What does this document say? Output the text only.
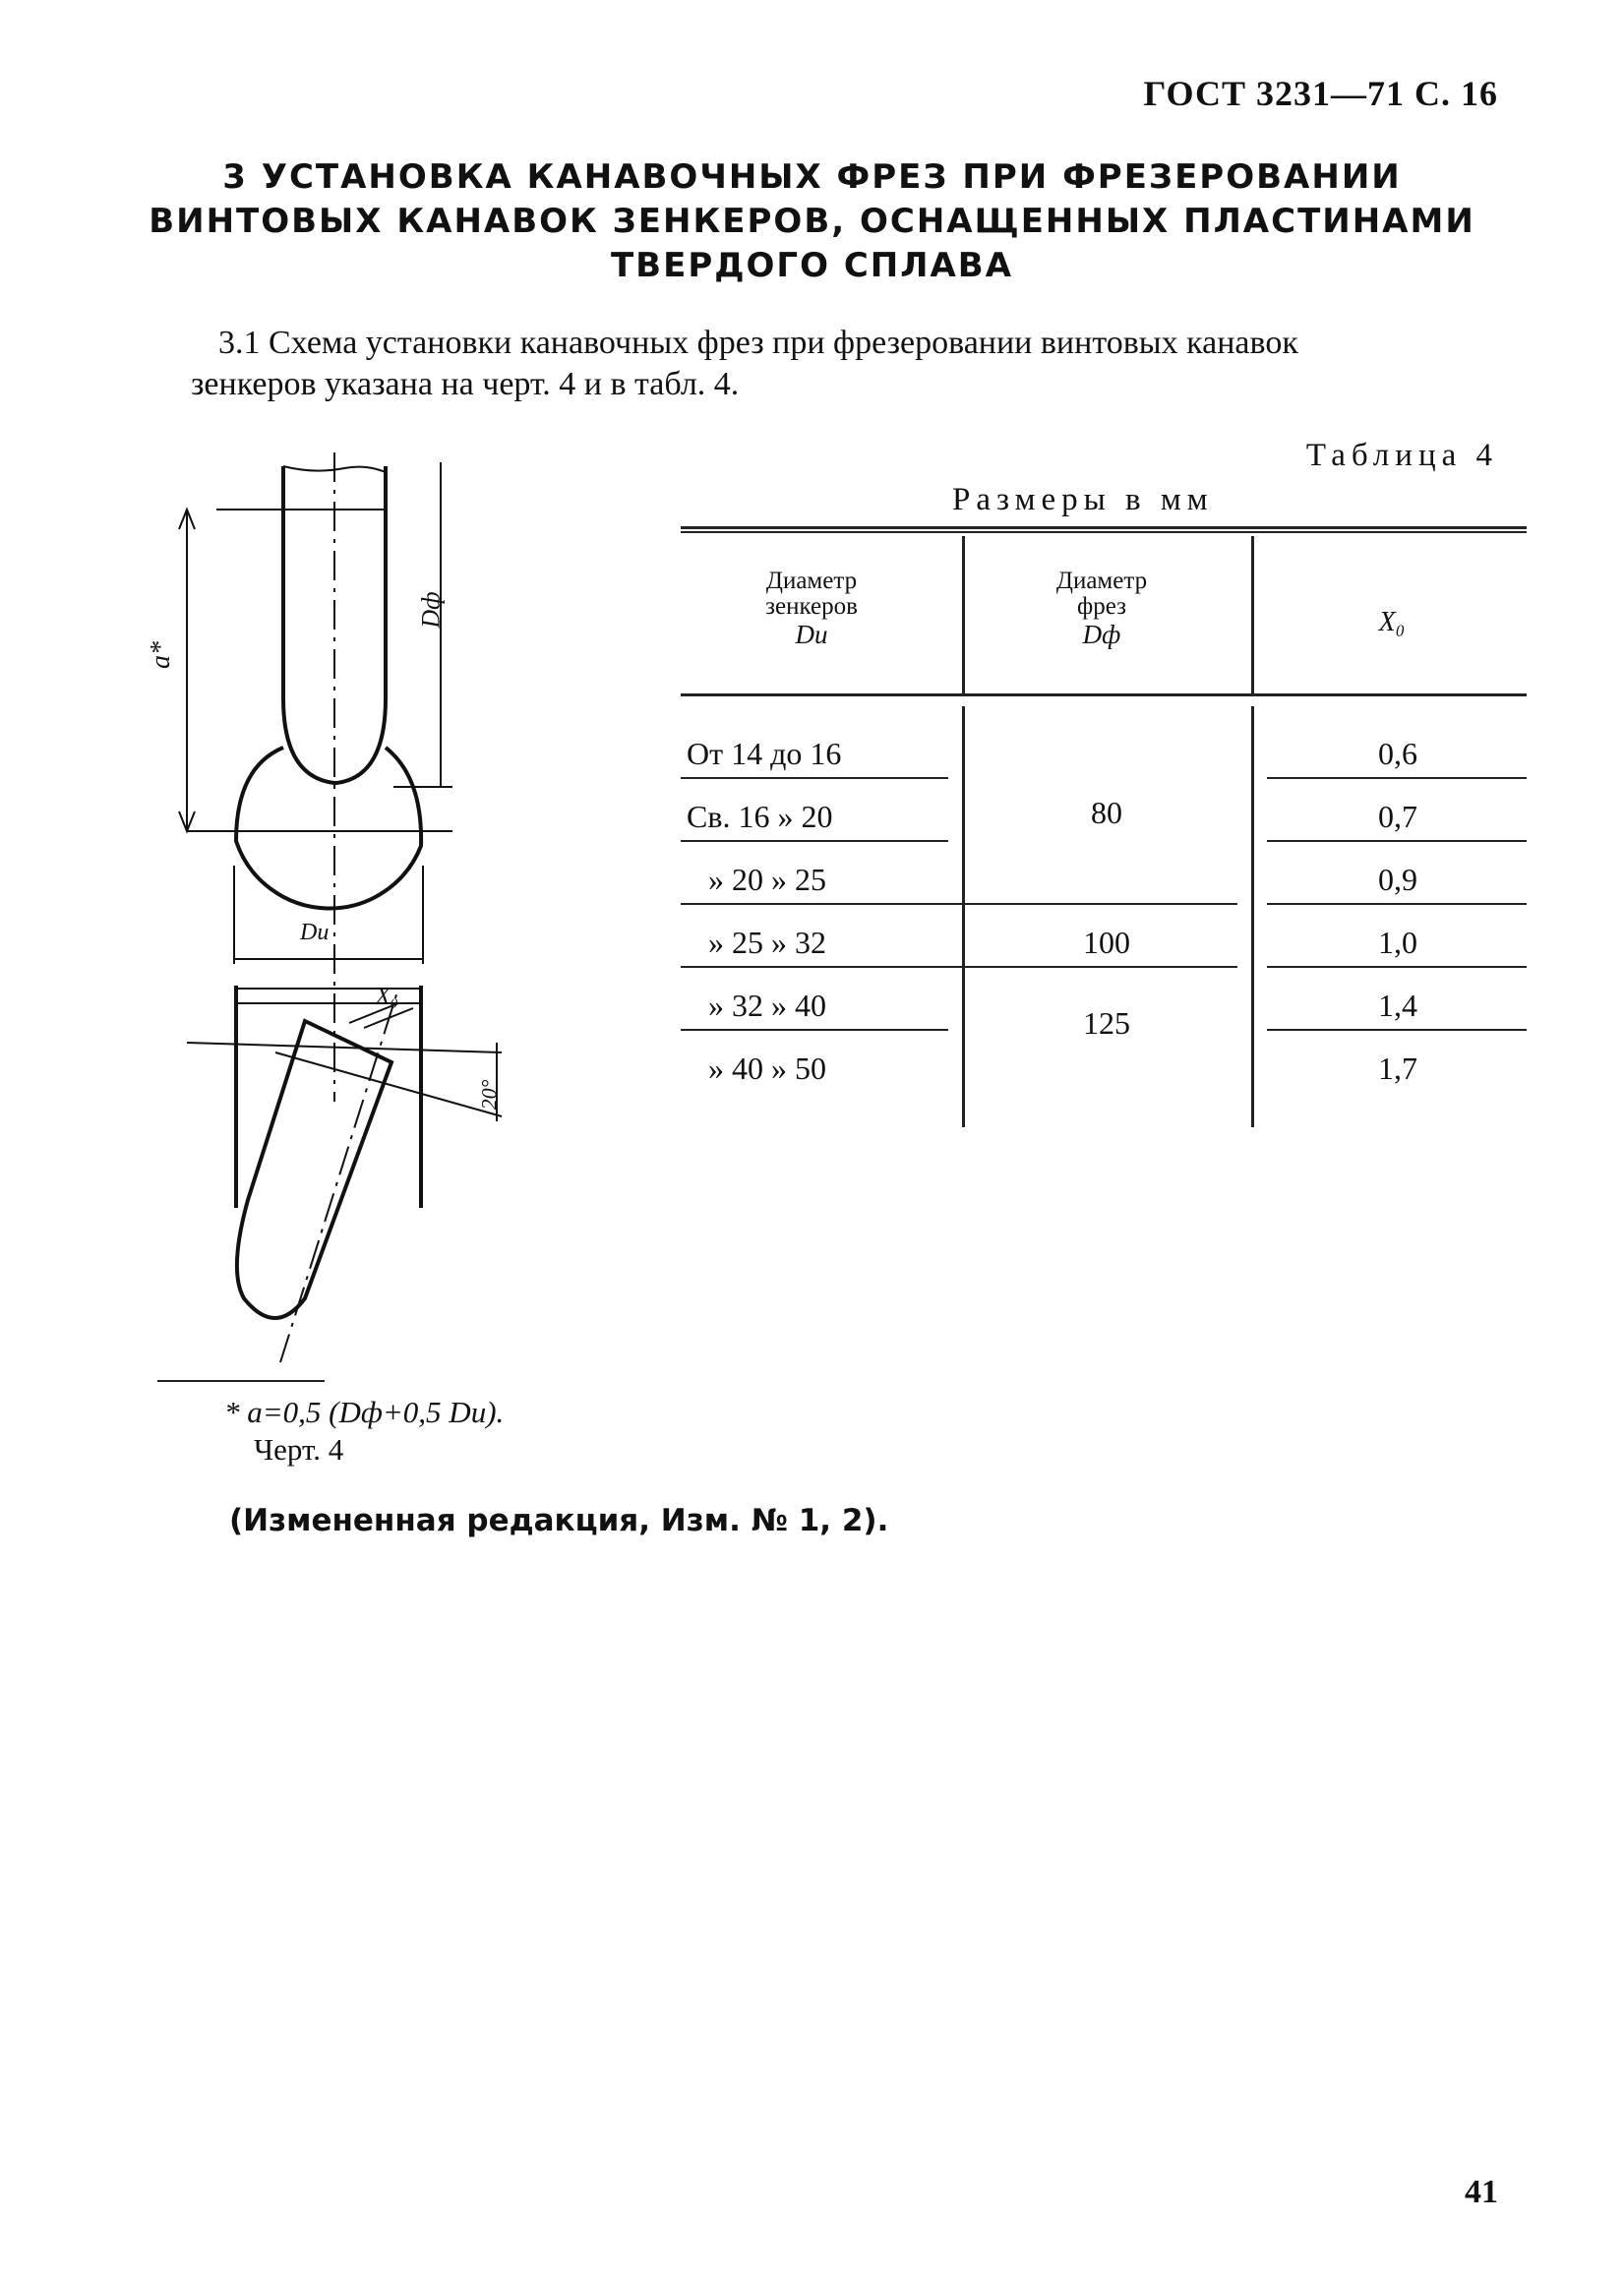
ГОСТ 3231—71 С. 16
3 УСТАНОВКА КАНАВОЧНЫХ ФРЕЗ ПРИ ФРЕЗЕРОВАНИИ
ВИНТОВЫХ КАНАВОК ЗЕНКЕРОВ, ОСНАЩЕННЫХ ПЛАСТИНАМИ
ТВЕРДОГО СПЛАВА
3.1 Схема установки канавочных фрез при фрезеровании винтовых канавок
зенкеров указана на черт. 4 и в табл. 4.
a*
Dф
Dи
X₀
20°
* a=0,5 (Dф+0,5 Dи).
Черт. 4
(Измененная редакция, Изм. № 1, 2).
Таблица 4
Размеры в мм
Диаметр
зенкеров
Dи
Диаметр
фрез
Dф	X₀
От 14 до 16
Св. 16 » 20
» 20 » 25
» 25 » 32
» 32 » 40
» 40 » 50
80
100
125
0,6
0,7
0,9
1,0
1,4
1,7
41
